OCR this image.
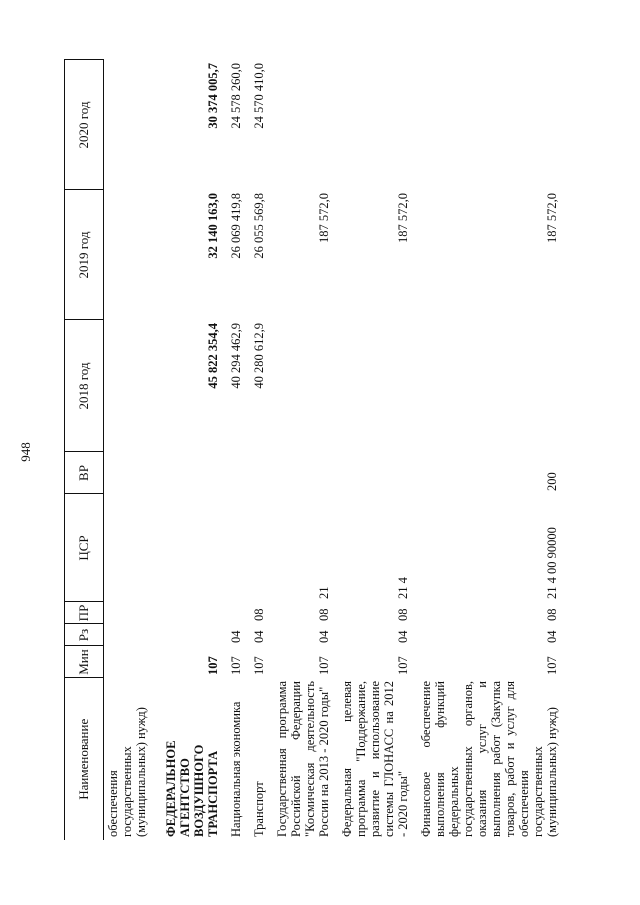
948
Наименование	Мин	Рз	ПР	ЦСР	ВР	2018 год	2019 год	2020 год
обеспечения государственных (муниципальных) нужд)								
ФЕДЕРАЛЬНОЕ АГЕНТСТВО ВОЗДУШНОГО ТРАНСПОРТА	107					45 822 354,4	32 140 163,0	30 374 005,7
Национальная экономика	107	04				40 294 462,9	26 069 419,8	24 578 260,0
Транспорт	107	04	08			40 280 612,9	26 055 569,8	24 570 410,0
Государственная программа Российской Федерации "Космическая деятельность России на 2013 - 2020 годы"	107	04	08	21			187 572,0	
Федеральная целевая программа "Поддержание, развитие и использование системы ГЛОНАСС на 2012 - 2020 годы"	107	04	08	21 4			187 572,0	
Финансовое обеспечение выполнения функций федеральных государственных органов, оказания услуг и выполнения работ (Закупка товаров, работ и услуг для обеспечения государственных (муниципальных) нужд)	107	04	08	21 4 00 90000	200		187 572,0	
